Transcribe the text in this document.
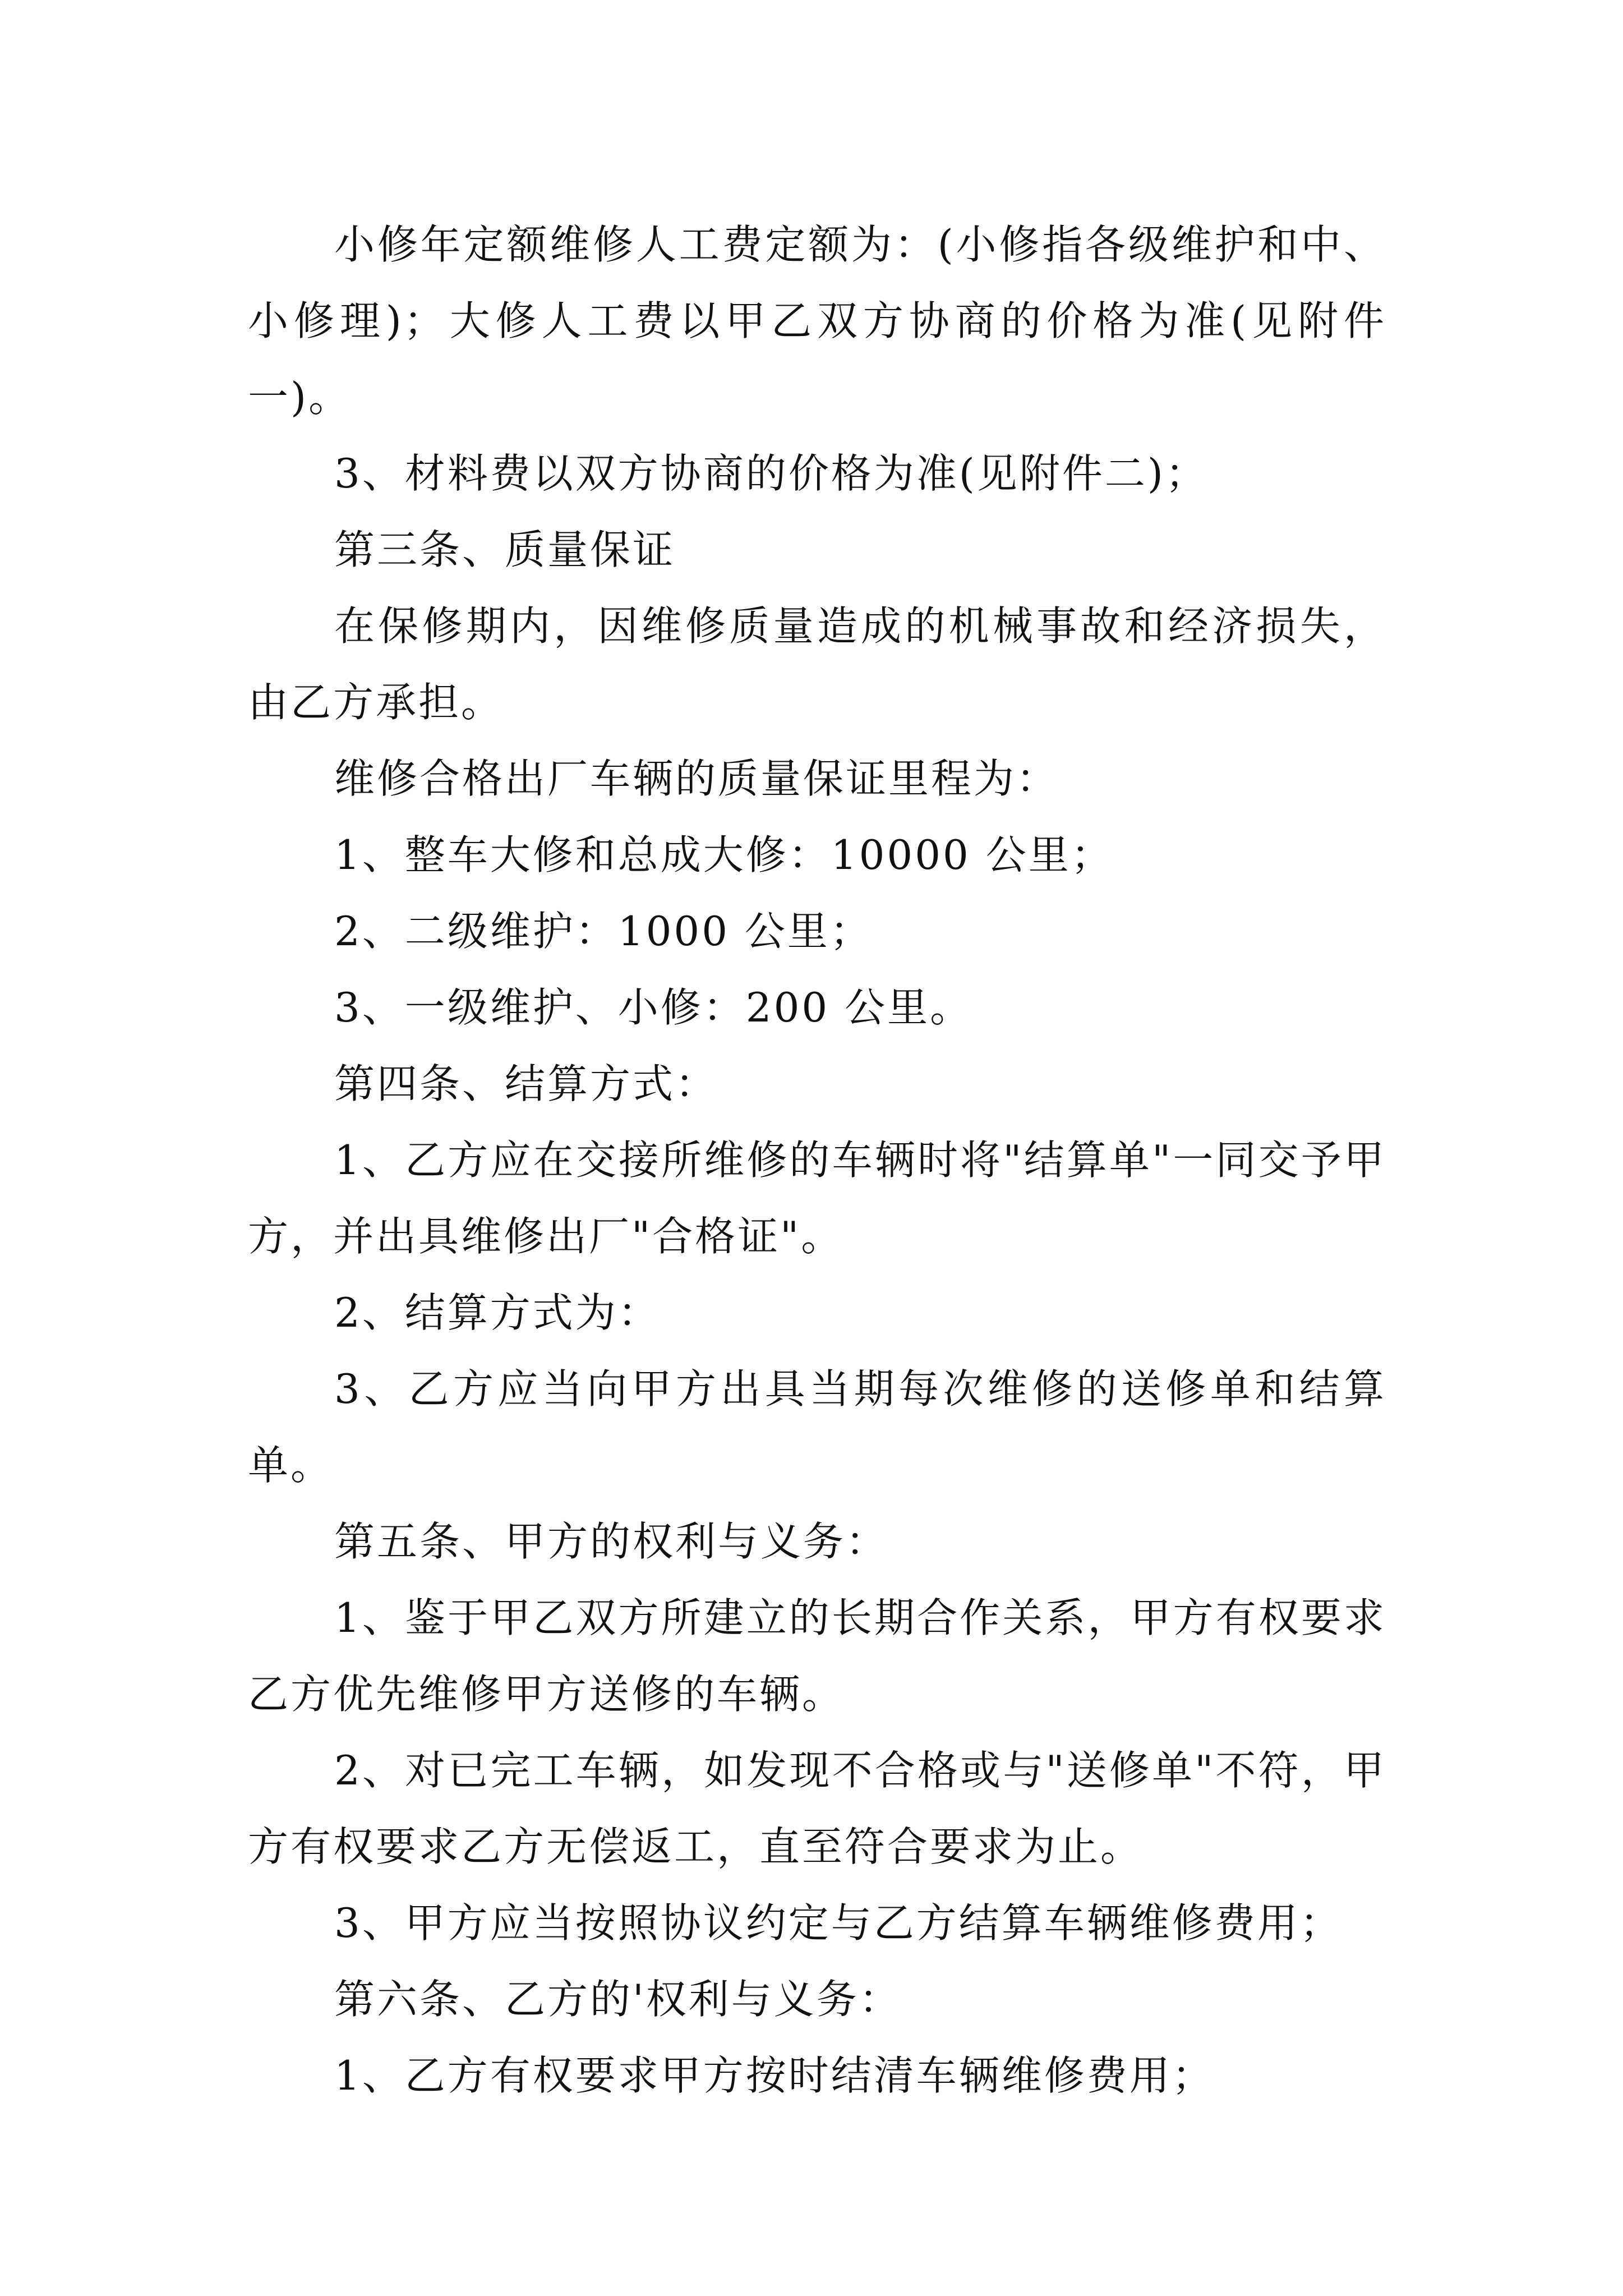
小修年定额维修人工费定额为：(小修指各级维护和中、小修理)；大修人工费以甲乙双方协商的价格为准(见附件一)。

3、材料费以双方协商的价格为准(见附件二)；

第三条、质量保证

在保修期内，因维修质量造成的机械事故和经济损失，由乙方承担。

维修合格出厂车辆的质量保证里程为：

1、整车大修和总成大修：10000 公里；

2、二级维护：1000 公里；

3、一级维护、小修：200 公里。

第四条、结算方式：

1、乙方应在交接所维修的车辆时将"结算单"一同交予甲方，并出具维修出厂"合格证"。

2、结算方式为：

3、乙方应当向甲方出具当期每次维修的送修单和结算单。

第五条、甲方的权利与义务：

1、鉴于甲乙双方所建立的长期合作关系，甲方有权要求乙方优先维修甲方送修的车辆。

2、对已完工车辆，如发现不合格或与"送修单"不符，甲方有权要求乙方无偿返工，直至符合要求为止。

3、甲方应当按照协议约定与乙方结算车辆维修费用；

第六条、乙方的'权利与义务：

1、乙方有权要求甲方按时结清车辆维修费用；
